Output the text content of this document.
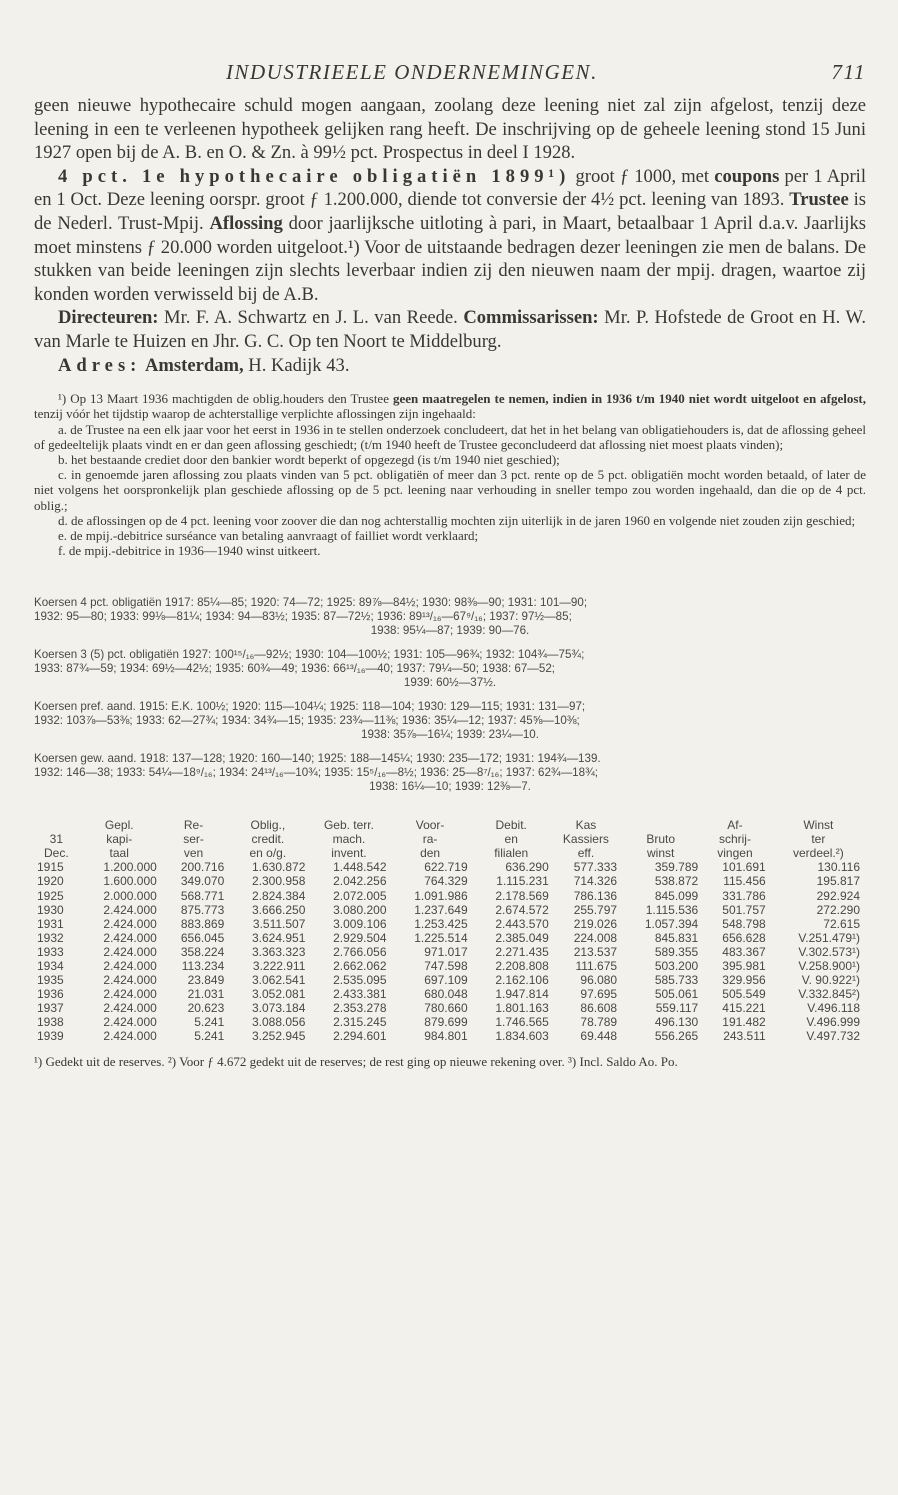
INDUSTRIEELE ONDERNEMINGEN.	711

geen nieuwe hypothecaire schuld mogen aangaan, zoolang deze leening niet zal zijn afgelost, tenzij deze leening in een te verleenen hypotheek gelijken rang heeft. De inschrijving op de geheele leening stond 15 Juni 1927 open bij de A. B. en O. & Zn. à 99½ pct. Prospectus in deel I 1928.

4 pct. 1e hypothecaire obligatiën 1899¹) groot ƒ 1000, met coupons per 1 April en 1 Oct. Deze leening oorspr. groot ƒ 1.200.000, diende tot conversie der 4½ pct. leening van 1893. Trustee is de Nederl. Trust-Mpij. Aflossing door jaarlijksche uitloting à pari, in Maart, betaalbaar 1 April d.a.v. Jaarlijks moet minstens ƒ 20.000 worden uitgeloot.¹) Voor de uitstaande bedragen dezer leeningen zie men de balans. De stukken van beide leeningen zijn slechts leverbaar indien zij den nieuwen naam der mpij. dragen, waartoe zij konden worden verwisseld bij de A.B.

Directeuren: Mr. F. A. Schwartz en J. L. van Reede. Commissarissen: Mr. P. Hofstede de Groot en H. W. van Marle te Huizen en Jhr. G. C. Op ten Noort te Middelburg.

Adres: Amsterdam, H. Kadijk 43.

¹) Op 13 Maart 1936 machtigden de oblig.houders den Trustee geen maatregelen te nemen, indien in 1936 t/m 1940 niet wordt uitgeloot en afgelost, tenzij vóór het tijdstip waarop de achterstallige verplichte aflossingen zijn ingehaald:

a. de Trustee na een elk jaar voor het eerst in 1936 in te stellen onderzoek concludeert, dat het in het belang van obligatiehouders is, dat de aflossing geheel of gedeeltelijk plaats vindt en er dan geen aflossing geschiedt; (t/m 1940 heeft de Trustee geconcludeerd dat aflossing niet moest plaats vinden);

b. het bestaande crediet door den bankier wordt beperkt of opgezegd (is t/m 1940 niet geschied);

c. in genoemde jaren aflossing zou plaats vinden van 5 pct. obligatiën of meer dan 3 pct. rente op de 5 pct. obligatiën mocht worden betaald, of later de niet volgens het oorspronkelijk plan geschiede aflossing op de 5 pct. leening naar verhouding in sneller tempo zou worden ingehaald, dan die op de 4 pct. oblig.;

d. de aflossingen op de 4 pct. leening voor zoover die dan nog achterstallig mochten zijn uiterlijk in de jaren 1960 en volgende niet zouden zijn geschied;

e. de mpij.-debitrice surséance van betaling aanvraagt of failliet wordt verklaard;

f. de mpij.-debitrice in 1936—1940 winst uitkeert.

Koersen 4 pct. obligatiën 1917: 85¼—85; 1920: 74—72; 1925: 89⅞—84½; 1930: 98⅜—90; 1931: 101—90;

1932: 95—80; 1933: 99⅛—81¼; 1934: 94—83½; 1935: 87—72½; 1936: 89¹³/₁₆—67⁹/₁₆; 1937: 97½—85;

1938: 95¼—87; 1939: 90—76.

Koersen 3 (5) pct. obligatiën 1927: 100¹⁵/₁₆—92½; 1930: 104—100½; 1931: 105—96¾; 1932: 104¾—75¾;

1933: 87¾—59; 1934: 69½—42½; 1935: 60¾—49; 1936: 66¹³/₁₆—40; 1937: 79¼—50; 1938: 67—52;

1939: 60½—37½.

Koersen pref. aand. 1915: E.K. 100½; 1920: 115—104¼; 1925: 118—104; 1930: 129—115; 1931: 131—97;

1932: 103⅞—53⅜; 1933: 62—27¾; 1934: 34¾—15; 1935: 23¾—11⅜; 1936: 35¼—12; 1937: 45⅝—10⅜;

1938: 35⅞—16¼; 1939: 23¼—10.

Koersen gew. aand. 1918: 137—128; 1920: 160—140; 1925: 188—145¼; 1930: 235—172; 1931: 194¾—139.

1932: 146—38; 1933: 54¼—18⁹/₁₆; 1934: 24¹³/₁₆—10¾; 1935: 15⁵/₁₆—8½; 1936: 25—8⁷/₁₆; 1937: 62¾—18¾;

1938: 16¼—10; 1939: 12⅜—7.

	Gepl.	Re-	Oblig.,	Geb. terr.	Voor-	Debit.	Kas		Af-	Winst
31	kapi-	ser-	credit.	mach.	ra-	en	Kassiers	Bruto	schrij-	ter
Dec.	taal	ven	en o/g.	invent.	den	filialen	eff.	winst	vingen	verdeel.²)
1915	1.200.000	200.716	1.630.872	1.448.542	622.719	636.290	577.333	359.789	101.691	130.116
1920	1.600.000	349.070	2.300.958	2.042.256	764.329	1.115.231	714.326	538.872	115.456	195.817
1925	2.000.000	568.771	2.824.384	2.072.005	1.091.986	2.178.569	786.136	845.099	331.786	292.924
1930	2.424.000	875.773	3.666.250	3.080.200	1.237.649	2.674.572	255.797	1.115.536	501.757	272.290
1931	2.424.000	883.869	3.511.507	3.009.106	1.253.425	2.443.570	219.026	1.057.394	548.798	72.615
1932	2.424.000	656.045	3.624.951	2.929.504	1.225.514	2.385.049	224.008	845.831	656.628	V.251.479¹)
1933	2.424.000	358.224	3.363.323	2.766.056	971.017	2.271.435	213.537	589.355	483.367	V.302.573¹)
1934	2.424.000	113.234	3.222.911	2.662.062	747.598	2.208.808	111.675	503.200	395.981	V.258.900¹)
1935	2.424.000	23.849	3.062.541	2.535.095	697.109	2.162.106	96.080	585.733	329.956	V. 90.922¹)
1936	2.424.000	21.031	3.052.081	2.433.381	680.048	1.947.814	97.695	505.061	505.549	V.332.845²)
1937	2.424.000	20.623	3.073.184	2.353.278	780.660	1.801.163	86.608	559.117	415.221	V.496.118
1938	2.424.000	5.241	3.088.056	2.315.245	879.699	1.746.565	78.789	496.130	191.482	V.496.999
1939	2.424.000	5.241	3.252.945	2.294.601	984.801	1.834.603	69.448	556.265	243.511	V.497.732

¹) Gedekt uit de reserves. ²) Voor ƒ 4.672 gedekt uit de reserves; de rest ging op nieuwe rekening over. ³) Incl. Saldo Ao. Po.
